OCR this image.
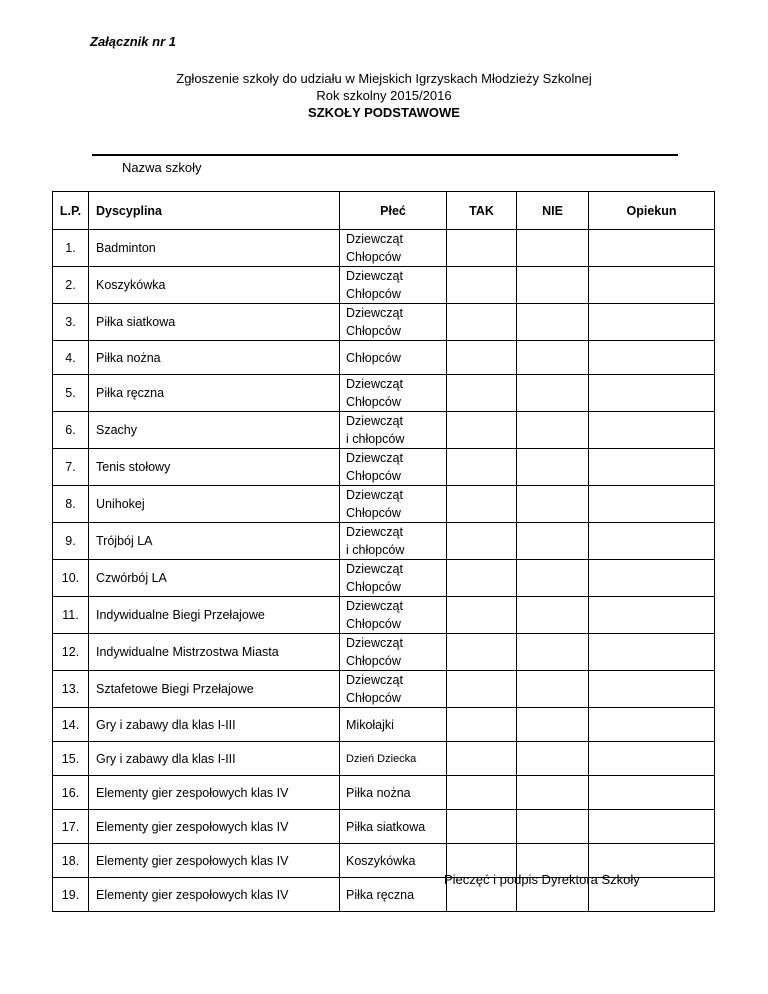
Załącznik nr 1
Zgłoszenie szkoły do udziału w Miejskich Igrzyskach Młodzieży Szkolnej
Rok szkolny 2015/2016
SZKOŁY PODSTAWOWE
Nazwa szkoły
L.P.	Dyscyplina	Płeć	TAK	NIE	Opiekun
1.	Badminton	Dziewcząt
Chłopców			

2.	Koszykówka	Dziewcząt
Chłopców			

3.	Piłka siatkowa	Dziewcząt
Chłopców			

4.	Piłka nożna	Chłopców			

5.	Piłka ręczna	Dziewcząt
Chłopców			

6.	Szachy	Dziewcząt
i chłopców			

7.	Tenis stołowy	Dziewcząt
Chłopców			

8.	Unihokej	Dziewcząt
Chłopców			

9.	Trójbój LA	Dziewcząt
i chłopców			

10.	Czwórbój LA	Dziewcząt
Chłopców			

11.	Indywidualne Biegi Przełajowe	Dziewcząt
Chłopców			

12.	Indywidualne Mistrzostwa Miasta	Dziewcząt
Chłopców			

13.	Sztafetowe Biegi Przełajowe	Dziewcząt
Chłopców			

14.	Gry i zabawy dla klas I-III	Mikołajki			

15.	Gry i zabawy dla klas I-III	Dzień Dziecka			

16.	Elementy gier zespołowych klas IV	Piłka nożna			

17.	Elementy gier zespołowych klas IV	Piłka siatkowa			

18.	Elementy gier zespołowych klas IV	Koszykówka			

19.	Elementy gier zespołowych klas IV	Piłka ręczna			

Pieczęć i podpis Dyrektora Szkoły
